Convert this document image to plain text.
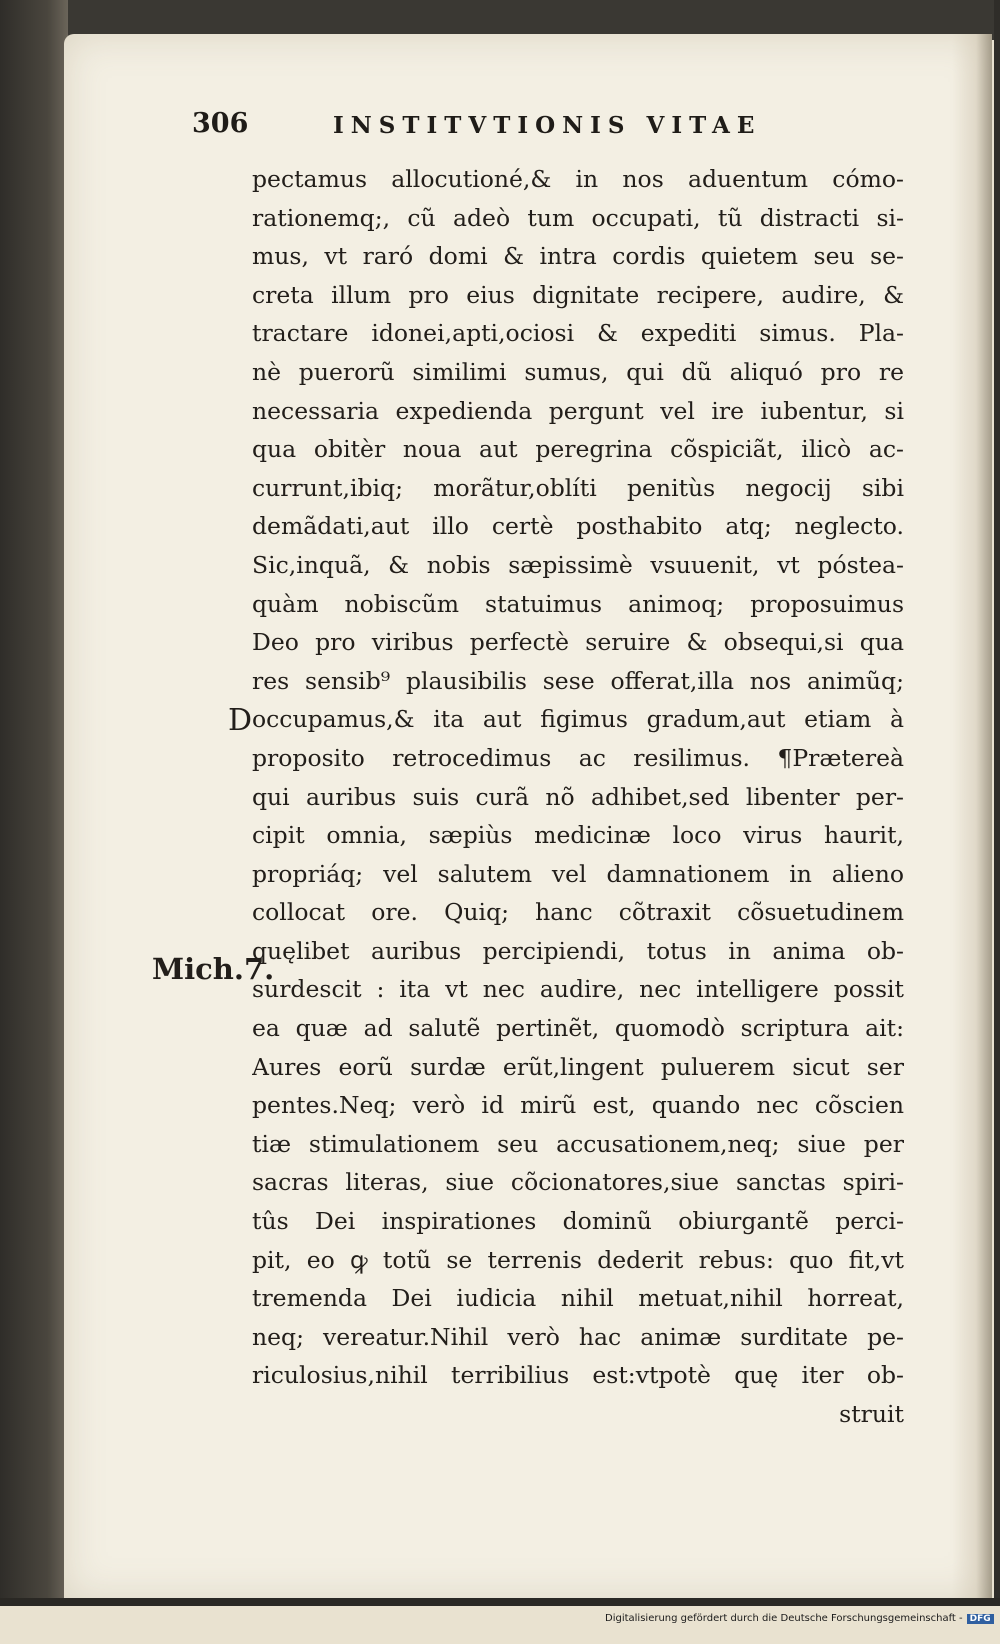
306	INSTITVTIONIS VITAE
D
Mich.7.
pectamus allocutioné,& in nos aduentum cómo-
rationemq;, cũ adeò tum occupati, tũ distracti si-
mus, vt raró domi & intra cordis quietem seu se-
creta illum pro eius dignitate recipere, audire, &
tractare idonei,apti,ociosi & expediti simus. Pla-
nè puerorũ similimi sumus, qui dũ aliquó pro re
necessaria expedienda pergunt vel ire iubentur, si
qua obitèr noua aut peregrina cõspiciãt, ilicò ac-
currunt,ibiq; morãtur,oblíti penitùs negocij sibi
demãdati,aut illo certè posthabito atq; neglecto.
Sic,inquã, & nobis sæpissimè vsuuenit, vt póstea-
quàm nobiscũm statuimus animoq; proposuimus
Deo pro viribus perfectè seruire & obsequi,si qua
res sensib⁹ plausibilis sese offerat,illa nos animũq;
occupamus,& ita aut figimus gradum,aut etiam à
proposito retrocedimus ac resilimus. ¶Prætereà
qui auribus suis curã nõ adhibet,sed libenter per-
cipit omnia, sæpiùs medicinæ loco virus haurit,
propriáq; vel salutem vel damnationem in alieno
collocat ore. Quiq; hanc cõtraxit cõsuetudinem
quęlibet auribus percipiendi, totus in anima ob-
surdescit : ita vt nec audire, nec intelligere possit
ea quæ ad salutẽ pertinẽt, quomodò scriptura ait:
Aures eorũ surdæ erũt,lingent puluerem sicut ser
pentes.Neq; verò id mirũ est, quando nec cõscien
tiæ stimulationem seu accusationem,neq; siue per
sacras literas, siue cõcionatores,siue sanctas spiri-
tûs Dei inspirationes dominũ obiurgantẽ perci-
pit, eo ꝙ totũ se terrenis dederit rebus: quo fit,vt
tremenda Dei iudicia nihil metuat,nihil horreat,
neq; vereatur.Nihil verò hac animæ surditate pe-
riculosius,nihil terribilius est:vtpotè quę iter ob-
struit
Digitalisierung gefördert durch die Deutsche Forschungsgemeinschaft - DFG
